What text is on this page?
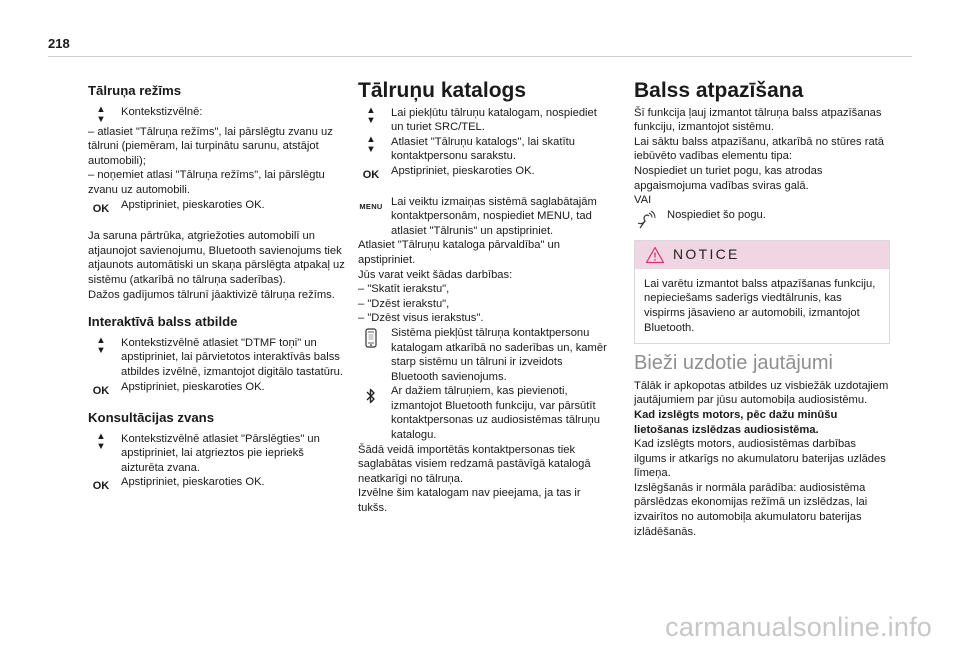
218
Tālruņa režīms
▲
▼
Kontekstizvēlnē:

– atlasiet "Tālruņa režīms", lai pārslēgtu zvanu uz tālruni (piemēram, lai turpinātu sarunu, atstājot automobili);

– noņemiet atlasi "Tālruņa režīms", lai pārslēgtu zvanu uz automobili.

OK	Apstipriniet, pieskaroties OK.

Ja saruna pārtrūka, atgriežoties automobilī un atjaunojot savienojumu, Bluetooth savienojums tiek atjaunots automātiski un skaņa pārslēgta atpakaļ uz sistēmu (atkarībā no tālruņa saderības).

Dažos gadījumos tālrunī jāaktivizē tālruņa režīms.

Interaktīvā balss atbilde
▲
▼
Kontekstizvēlnē atlasiet "DTMF toņi" un apstipriniet, lai pārvietotos interaktīvās balss atbildes izvēlnē, izmantojot digitālo tastatūru.
OK	Apstipriniet, pieskaroties OK.
Konsultācijas zvans
▲
▼
Kontekstizvēlnē atlasiet "Pārslēgties" un apstipriniet, lai atgrieztos pie iepriekš aizturēta zvana.
OK	Apstipriniet, pieskaroties OK.
Tālruņu katalogs
▲
▼
Lai piekļūtu tālruņu katalogam, nospiediet un turiet SRC/TEL.
▲
▼
Atlasiet "Tālruņu katalogs", lai skatītu kontaktpersonu sarakstu.
OK	Apstipriniet, pieskaroties OK.
MENU Lai veiktu izmaiņas sistēmā saglabātajām kontaktpersonām, nospiediet MENU, tad atlasiet "Tālrunis" un apstipriniet.

Atlasiet "Tālruņu kataloga pārvaldība" un apstipriniet.

Jūs varat veikt šādas darbības:

– "Skatīt ierakstu",

– "Dzēst ierakstu",

– "Dzēst visus ierakstus".

Sistēma piekļūst tālruņa kontaktpersonu katalogam atkarībā no saderības un, kamēr starp sistēmu un tālruni ir izveidots Bluetooth savienojums.
Ar dažiem tālruņiem, kas pievienoti, izmantojot Bluetooth funkciju, var pārsūtīt kontaktpersonas uz audiosistēmas tālruņu katalogu.

Šādā veidā importētās kontaktpersonas tiek saglabātas visiem redzamā pastāvīgā katalogā neatkarīgi no tālruņa.

Izvēlne šim katalogam nav pieejama, ja tas ir tukšs.

Balss atpazīšana

Šī funkcija ļauj izmantot tālruņa balss atpazīšanas funkciju, izmantojot sistēmu.

Lai sāktu balss atpazīšanu, atkarībā no stūres ratā iebūvēto vadības elementu tipa:

Nospiediet un turiet pogu, kas atrodas apgaismojuma vadības sviras galā.

VAI

Nospiediet šo pogu.
NOTICE
Lai varētu izmantot balss atpazīšanas funkciju, nepieciešams saderīgs viedtālrunis, kas vispirms jāsavieno ar automobili, izmantojot Bluetooth.
Bieži uzdotie jautājumi

Tālāk ir apkopotas atbildes uz visbiežāk uzdotajiem jautājumiem par jūsu automobiļa audiosistēmu.

Kad izslēgts motors, pēc dažu minūšu lietošanas izslēdzas audiosistēma.

Kad izslēgts motors, audiosistēmas darbības ilgums ir atkarīgs no akumulatoru baterijas uzlādes līmeņa.

Izslēgšanās ir normāla parādība: audiosistēma pārslēdzas ekonomijas režīmā un izslēdzas, lai izvairītos no automobiļa akumulatoru baterijas izlādēšanās.

carmanualsonline.info
